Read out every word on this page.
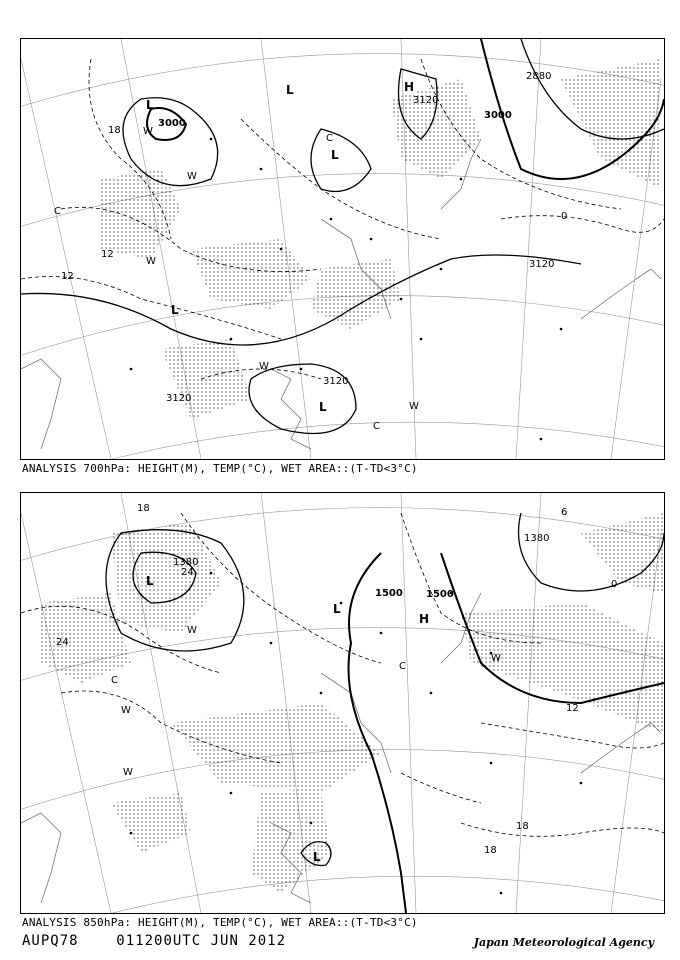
3000
3000
3120
3120
3120
2880
3120
L
L
L
L
L
H
12
12
18
0
C
W
W
W
W
C
C
W
ANALYSIS 700hPa: HEIGHT(M), TEMP(°C), WET AREA::(T-TD<3°C)
1380
1500 1500
1380
L
L
L
H
24
24
18
12
18
18
C
W
W
W
C
W
6
0
ANALYSIS 850hPa: HEIGHT(M), TEMP(°C), WET AREA::(T-TD<3°C)
AUPQ78	011200UTC JUN 2012	Japan Meteorological Agency
